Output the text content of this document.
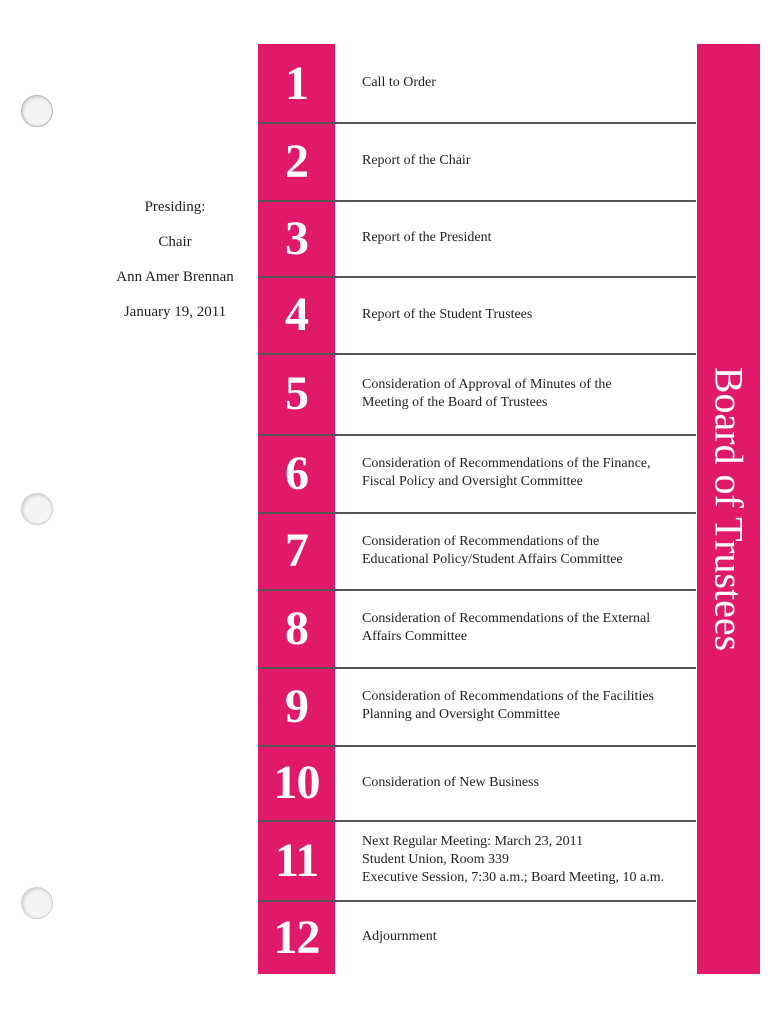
Presiding:
Chair
Ann Amer Brennan
January 19, 2011
1	Call to Order
2	Report of the Chair
3	Report of the President
4	Report of the Student Trustees
5	Consideration of Approval of Minutes of the
Meeting of the Board of Trustees
6	Consideration of Recommendations of the Finance,
Fiscal Policy and Oversight Committee
7	Consideration of Recommendations of the
Educational Policy/Student Affairs Committee
8	Consideration of Recommendations of the External
Affairs Committee
9	Consideration of Recommendations of the Facilities
Planning and Oversight Committee
10	Consideration of New Business
11	Next Regular Meeting: March 23, 2011
Student Union, Room 339
Executive Session, 7:30 a.m.; Board Meeting, 10 a.m.
12	Adjournment
Board of Trustees
